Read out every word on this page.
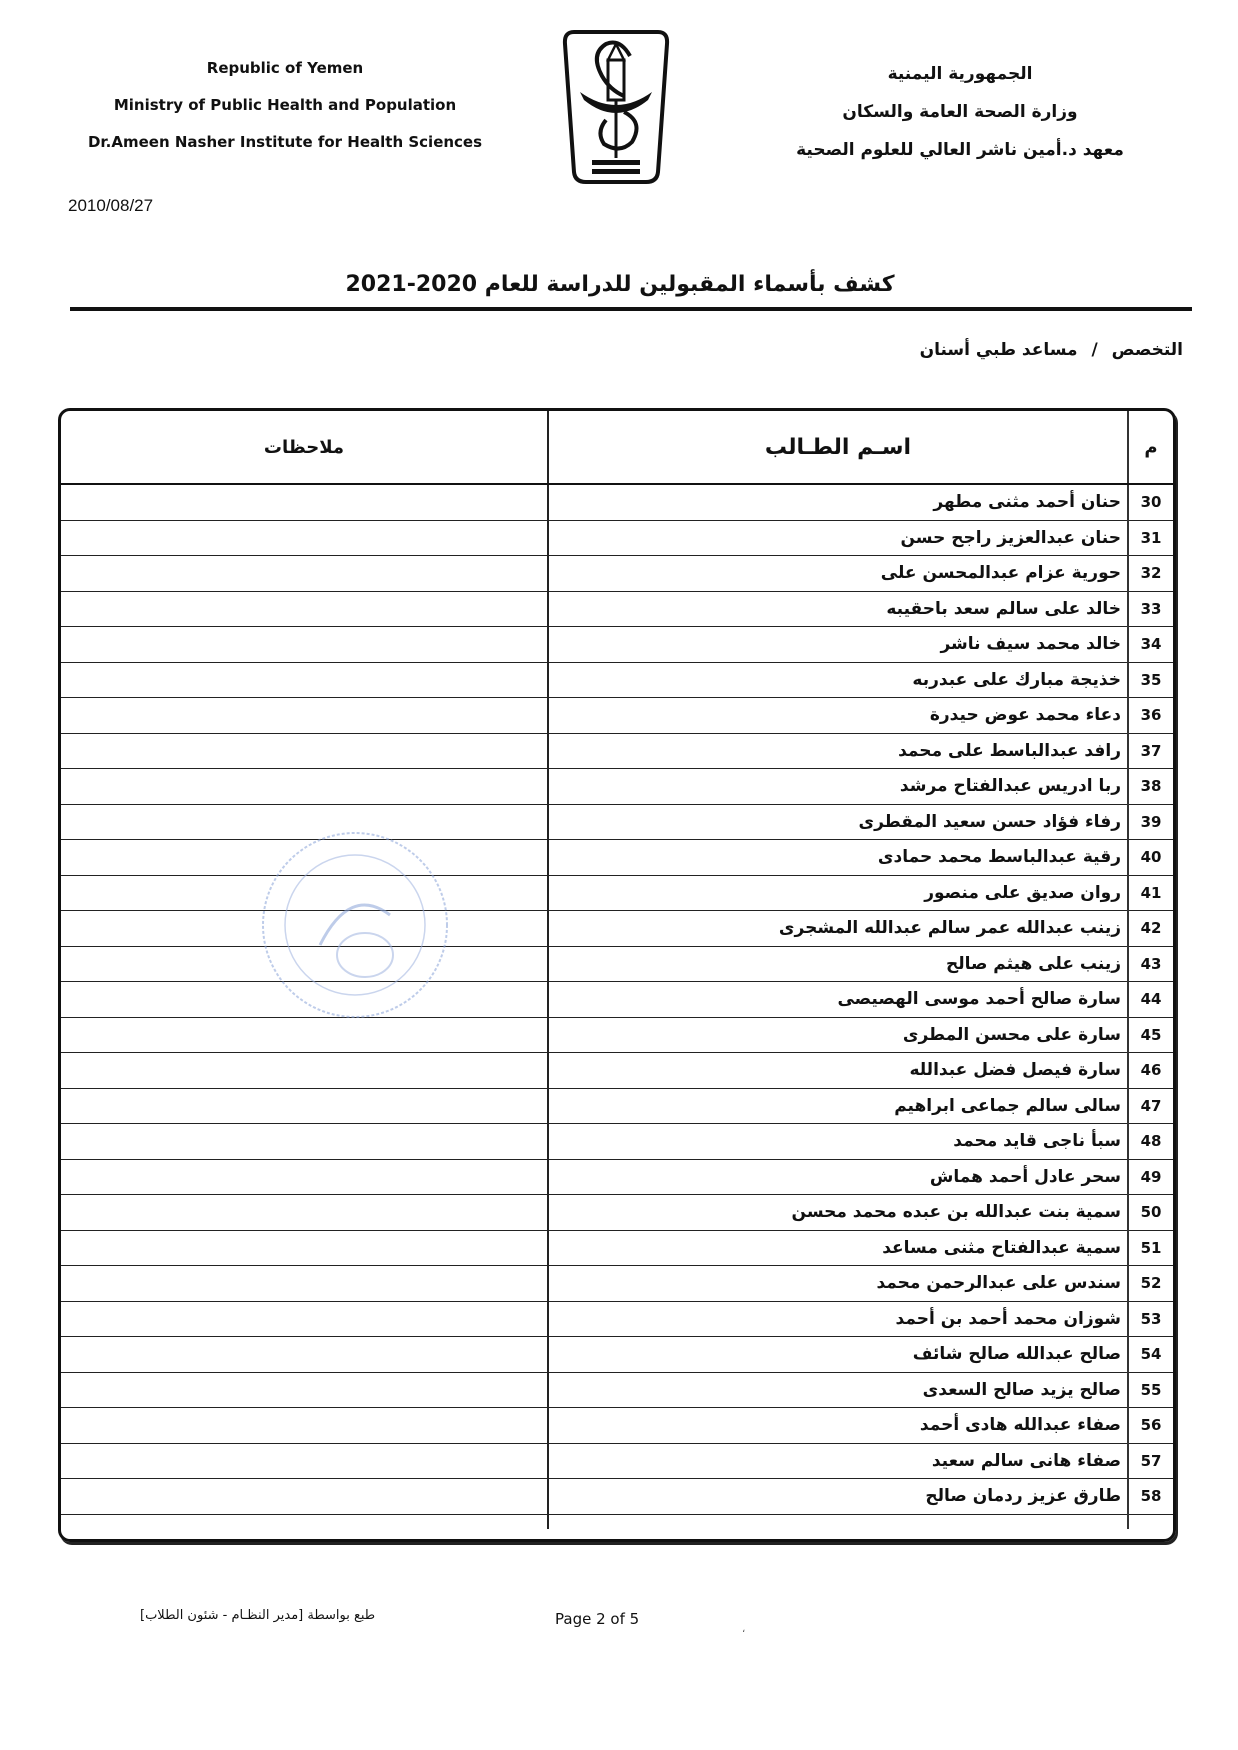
Republic of Yemen
Ministry of Public Health and Population
Dr.Ameen Nasher Institute for Health Sciences
الجمهورية اليمنية
وزارة الصحة العامة والسكان
معهد د.أمين ناشر العالي للعلوم الصحية
2010/08/27
كشف بأسماء المقبولين للدراسة للعام 2020-2021
التخصص / مساعد طبي أسنان
م	اسـم الطـالب	ملاحظات
30	حنان أحمد مثنى مطهر	
31	حنان عبدالعزيز راجح حسن	
32	حورية عزام عبدالمحسن على	
33	خالد على سالم سعد باحقيبه	
34	خالد محمد سيف ناشر	
35	خذيجة مبارك على عبدربه	
36	دعاء محمد عوض حيدرة	
37	رافد عبدالباسط على محمد	
38	ربا ادريس عبدالفتاح مرشد	
39	رفاء فؤاد حسن سعيد المقطرى	
40	رقية عبدالباسط محمد حمادى	
41	روان صديق على منصور	
42	زينب عبدالله عمر سالم عبدالله المشجرى	
43	زينب على هيثم صالح	
44	سارة صالح أحمد موسى الهصيصى	
45	سارة على محسن المطرى	
46	سارة فيصل فضل عبدالله	
47	سالى سالم جماعى ابراهيم	
48	سبأ ناجى قايد محمد	
49	سحر عادل أحمد هماش	
50	سمية بنت عبدالله بن عبده محمد محسن	
51	سمية عبدالفتاح مثنى مساعد	
52	سندس على عبدالرحمن محمد	
53	شوزان محمد أحمد بن أحمد	
54	صالح عبدالله صالح شائف	
55	صالح يزيد صالح السعدى	
56	صفاء عبدالله هادى أحمد	
57	صفاء هانى سالم سعيد	
58	طارق عزيز ردمان صالح	

طبع بواسطة [مدير النظـام - شئون الطلاب]	Page 2 of 5
،
